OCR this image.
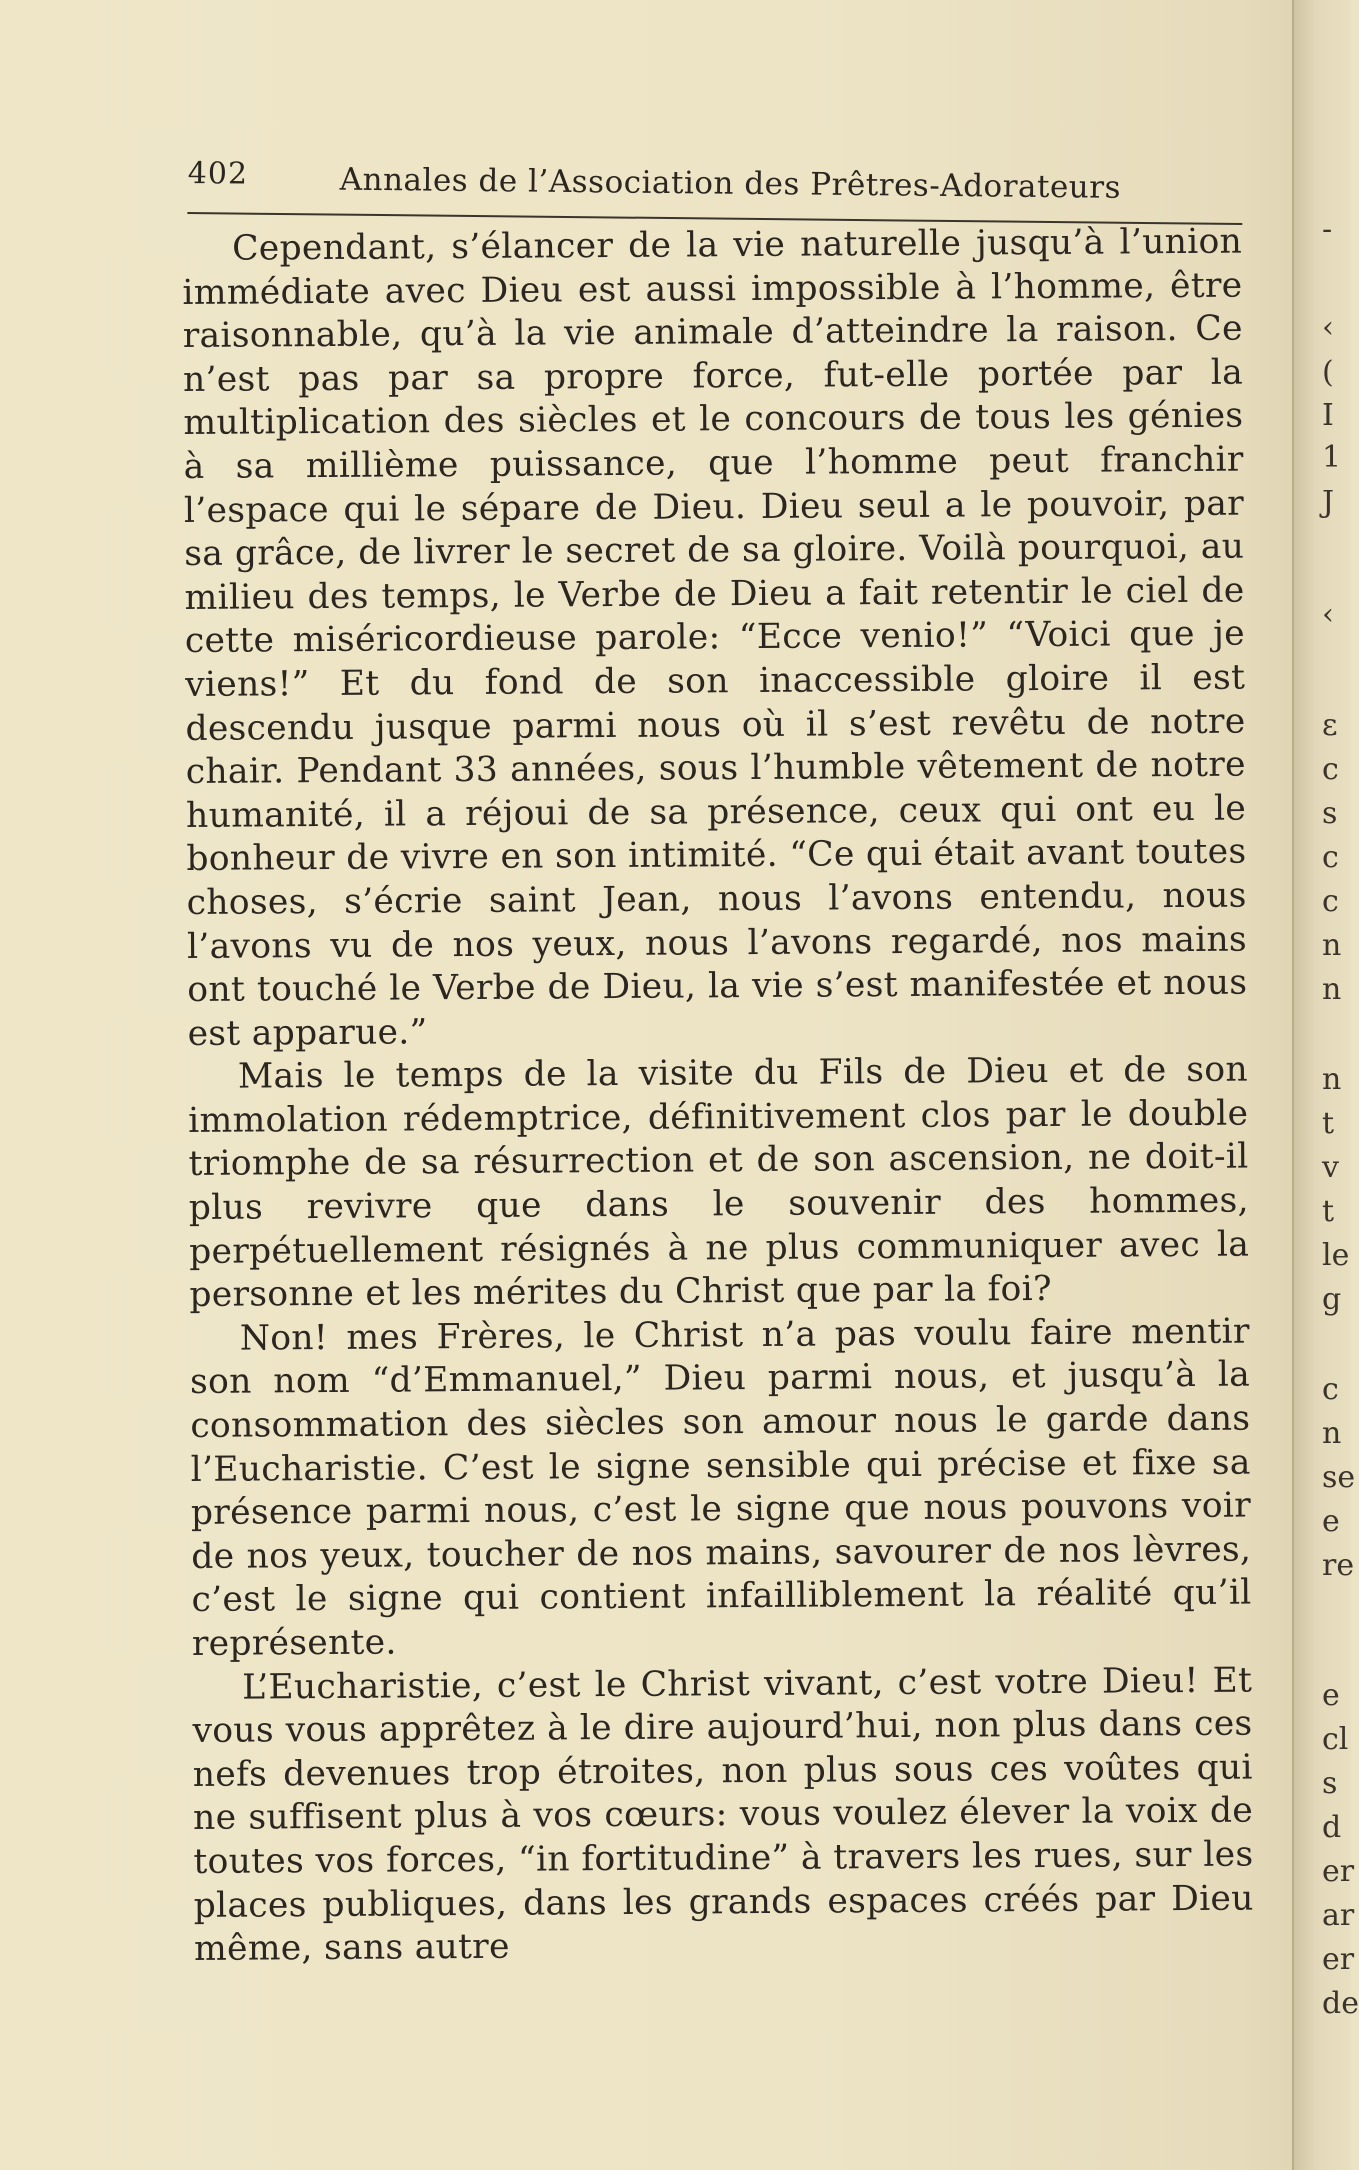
402	Annales de l’Association des Prêtres-Adorateurs

Cependant, s’élancer de la vie naturelle jusqu’à l’union immédiate avec Dieu est aussi impossible à l’homme, être raisonnable, qu’à la vie animale d’atteindre la raison. Ce n’est pas par sa propre force, fut-elle portée par la multiplication des siècles et le concours de tous les génies à sa millième puissance, que l’homme peut franchir l’espace qui le sépare de Dieu. Dieu seul a le pouvoir, par sa grâce, de livrer le secret de sa gloire. Voilà pourquoi, au milieu des temps, le Verbe de Dieu a fait retentir le ciel de cette miséricordieuse parole: “Ecce venio!” “Voici que je viens!” Et du fond de son inaccessible gloire il est descendu jusque parmi nous où il s’est revêtu de notre chair. Pendant 33 années, sous l’humble vêtement de notre humanité, il a réjoui de sa présence, ceux qui ont eu le bonheur de vivre en son intimité. “Ce qui était avant toutes choses, s’écrie saint Jean, nous l’avons entendu, nous l’avons vu de nos yeux, nous l’avons regardé, nos mains ont touché le Verbe de Dieu, la vie s’est manifestée et nous est apparue.”

Mais le temps de la visite du Fils de Dieu et de son immolation rédemptrice, définitivement clos par le double triomphe de sa résurrection et de son ascension, ne doit-il plus revivre que dans le souvenir des hommes, perpétuellement résignés à ne plus communiquer avec la personne et les mérites du Christ que par la foi?

Non! mes Frères, le Christ n’a pas voulu faire mentir son nom “d’Emmanuel,” Dieu parmi nous, et jusqu’à la consommation des siècles son amour nous le garde dans l’Eucharistie. C’est le signe sensible qui précise et fixe sa présence parmi nous, c’est le signe que nous pouvons voir de nos yeux, toucher de nos mains, savourer de nos lèvres, c’est le signe qui contient infailliblement la réalité qu’il représente.

L’Eucharistie, c’est le Christ vivant, c’est votre Dieu! Et vous vous apprêtez à le dire aujourd’hui, non plus dans ces nefs devenues trop étroites, non plus sous ces voûtes qui ne suffisent plus à vos cœurs: vous voulez élever la voix de toutes vos forces, “in fortitudine” à travers les rues, sur les places publiques, dans les grands espaces créés par Dieu même, sans autre

-
‹
(
I
1
J
‹
ε
c
s
c
c
n
n
n
t
v
t
le
g
c
n
se
e
re
e
cl
s
d
er
ar
er
de
